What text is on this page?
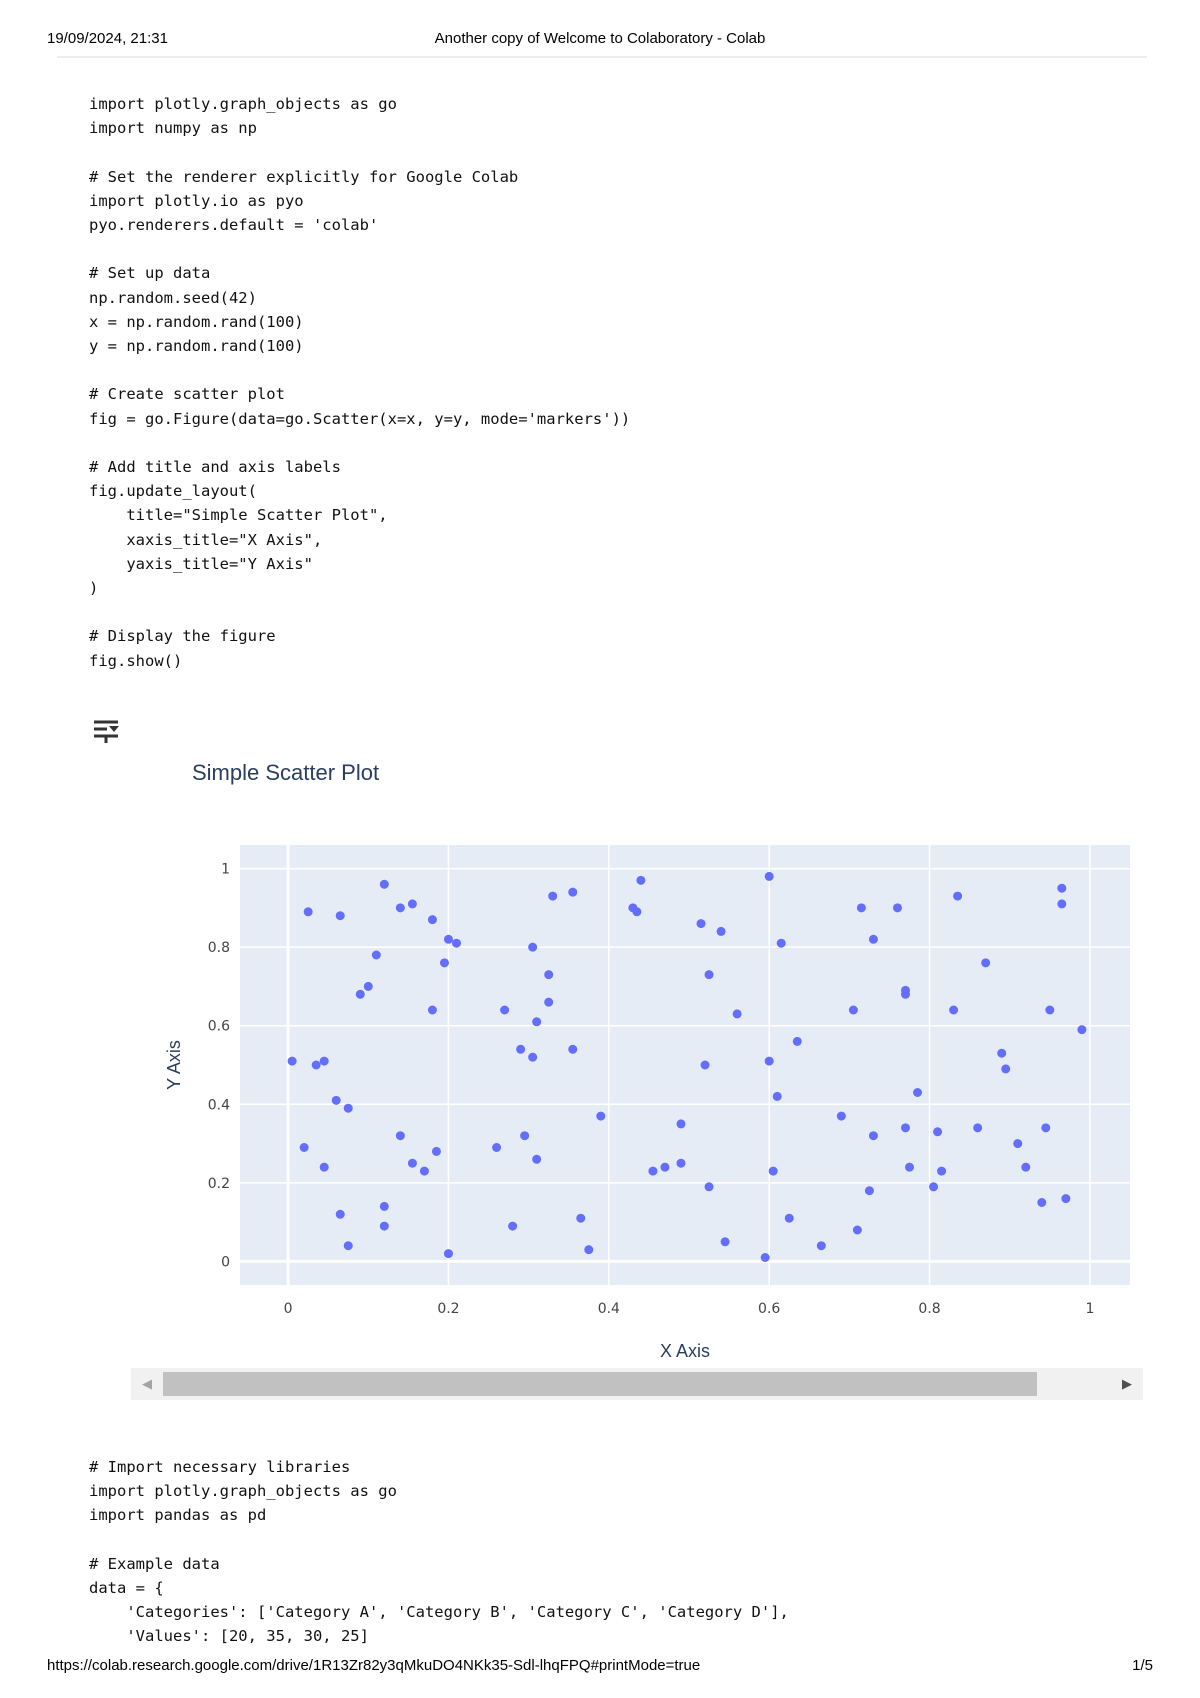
19/09/2024, 21:31	Another copy of Welcome to Colaboratory - Colab
import plotly.graph_objects as go
import numpy as np

# Set the renderer explicitly for Google Colab
import plotly.io as pyo
pyo.renderers.default = 'colab'

# Set up data
np.random.seed(42)
x = np.random.rand(100)
y = np.random.rand(100)

# Create scatter plot
fig = go.Figure(data=go.Scatter(x=x, y=y, mode='markers'))

# Add title and axis labels
fig.update_layout(
title="Simple Scatter Plot",
xaxis_title="X Axis",
yaxis_title="Y Axis"
)

# Display the figure
fig.show()
Simple Scatter Plot
0	0.2	0.4	0.6	0.8	1
0
0.2
0.4
0.6
0.8
1
X Axis
Y Axis
◀	▶
# Import necessary libraries
import plotly.graph_objects as go
import pandas as pd

# Example data
data = {
'Categories': ['Category A', 'Category B', 'Category C', 'Category D'],
'Values': [20, 35, 30, 25]
https://colab.research.google.com/drive/1R13Zr82y3qMkuDO4NKk35-Sdl-lhqFPQ#printMode=true	1/5
